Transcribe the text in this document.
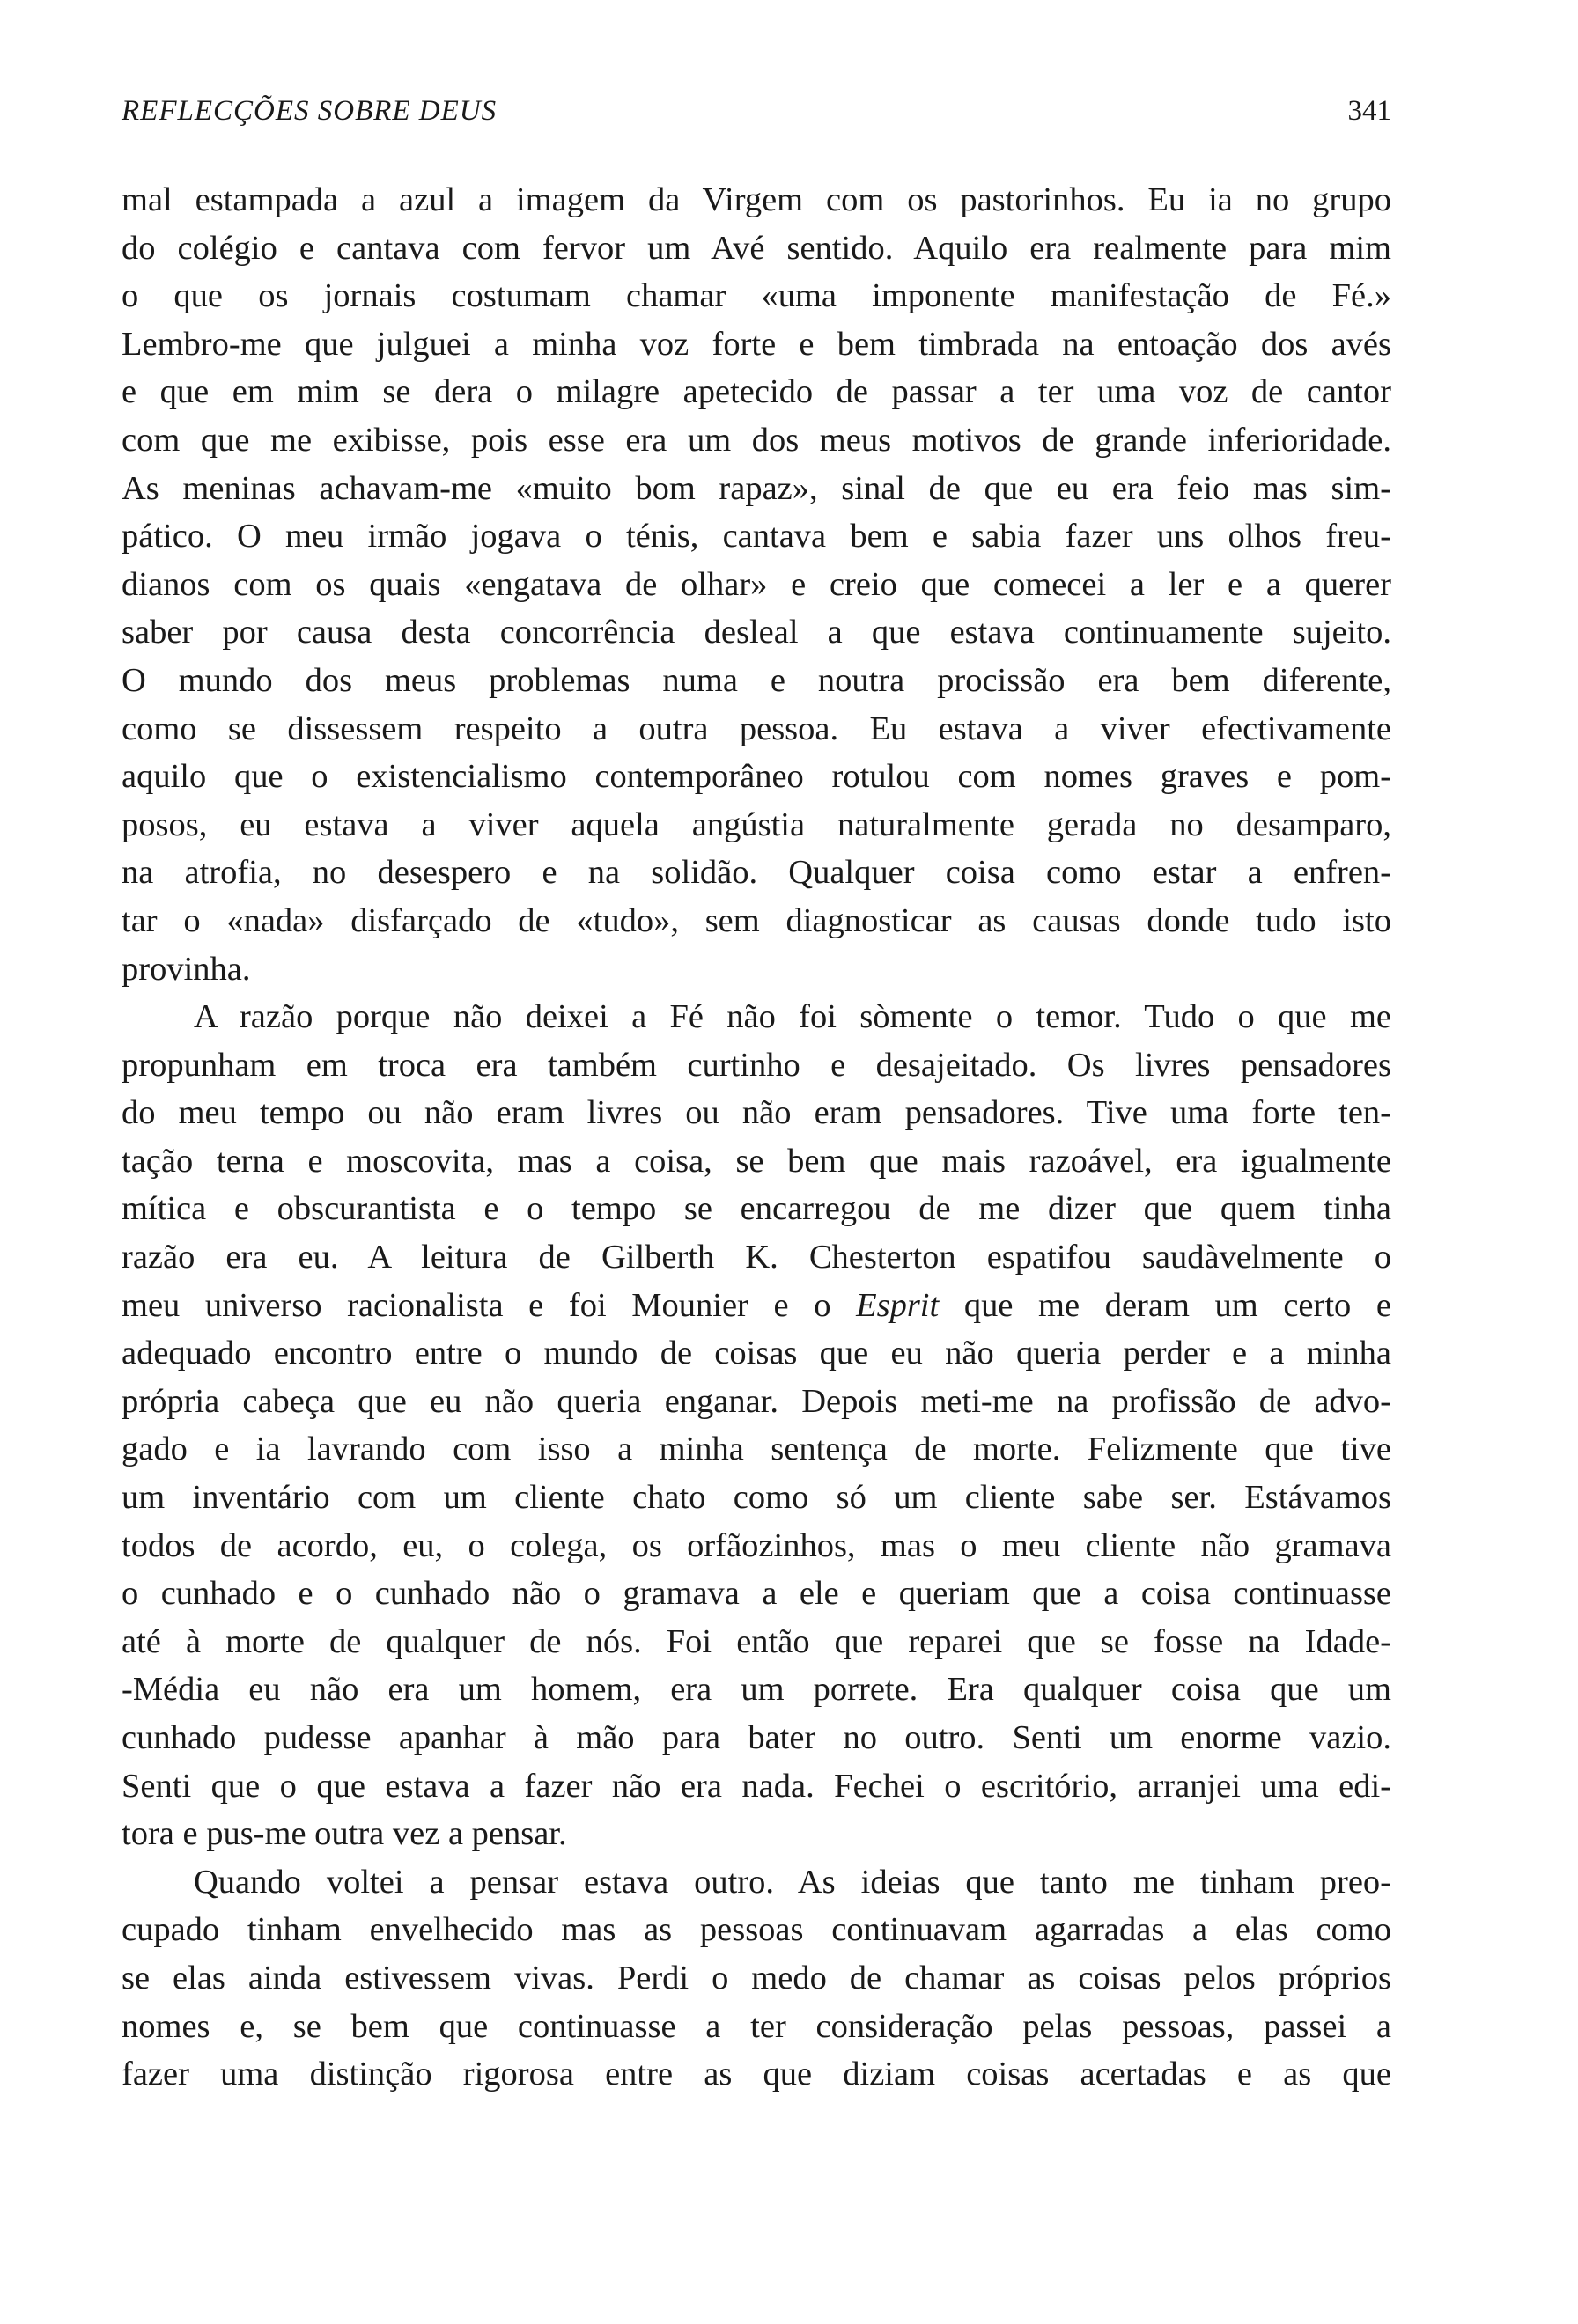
REFLECÇÕES SOBRE DEUS	341

mal estampada a azul a imagem da Virgem com os pastorinhos. Eu ia no grupo
do colégio e cantava com fervor um Avé sentido. Aquilo era realmente para mim
o que os jornais costumam chamar «uma imponente manifestação de Fé.»
Lembro-me que julguei a minha voz forte e bem timbrada na entoação dos avés
e que em mim se dera o milagre apetecido de passar a ter uma voz de cantor
com que me exibisse, pois esse era um dos meus motivos de grande inferioridade.
As meninas achavam-me «muito bom rapaz», sinal de que eu era feio mas sim-
pático. O meu irmão jogava o ténis, cantava bem e sabia fazer uns olhos freu-
dianos com os quais «engatava de olhar» e creio que comecei a ler e a querer
saber por causa desta concorrência desleal a que estava continuamente sujeito.
O mundo dos meus problemas numa e noutra procissão era bem diferente,
como se dissessem respeito a outra pessoa. Eu estava a viver efectivamente
aquilo que o existencialismo contemporâneo rotulou com nomes graves e pom-
posos, eu estava a viver aquela angústia naturalmente gerada no desamparo,
na atrofia, no desespero e na solidão. Qualquer coisa como estar a enfren-
tar o «nada» disfarçado de «tudo», sem diagnosticar as causas donde tudo isto
provinha.

A razão porque não deixei a Fé não foi sòmente o temor. Tudo o que me
propunham em troca era também curtinho e desajeitado. Os livres pensadores
do meu tempo ou não eram livres ou não eram pensadores. Tive uma forte ten-
tação terna e moscovita, mas a coisa, se bem que mais razoável, era igualmente
mítica e obscurantista e o tempo se encarregou de me dizer que quem tinha
razão era eu. A leitura de Gilberth K. Chesterton espatifou saudàvelmente o
meu universo racionalista e foi Mounier e o Esprit que me deram um certo e
adequado encontro entre o mundo de coisas que eu não queria perder e a minha
própria cabeça que eu não queria enganar. Depois meti-me na profissão de advo-
gado e ia lavrando com isso a minha sentença de morte. Felizmente que tive
um inventário com um cliente chato como só um cliente sabe ser. Estávamos
todos de acordo, eu, o colega, os orfãozinhos, mas o meu cliente não gramava
o cunhado e o cunhado não o gramava a ele e queriam que a coisa continuasse
até à morte de qualquer de nós. Foi então que reparei que se fosse na Idade-
-Média eu não era um homem, era um porrete. Era qualquer coisa que um
cunhado pudesse apanhar à mão para bater no outro. Senti um enorme vazio.
Senti que o que estava a fazer não era nada. Fechei o escritório, arranjei uma edi-
tora e pus-me outra vez a pensar.

Quando voltei a pensar estava outro. As ideias que tanto me tinham preo-
cupado tinham envelhecido mas as pessoas continuavam agarradas a elas como
se elas ainda estivessem vivas. Perdi o medo de chamar as coisas pelos próprios
nomes e, se bem que continuasse a ter consideração pelas pessoas, passei a
fazer uma distinção rigorosa entre as que diziam coisas acertadas e as que
